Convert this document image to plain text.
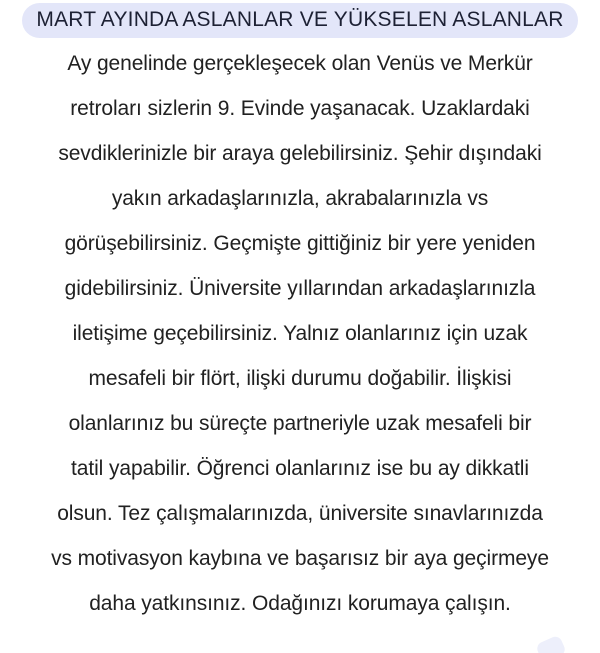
MART AYINDA ASLANLAR VE YÜKSELEN ASLANLAR
Ay genelinde gerçekleşecek olan Venüs ve Merkür
retroları sizlerin 9. Evinde yaşanacak. Uzaklardaki
sevdiklerinizle bir araya gelebilirsiniz. Şehir dışındaki
yakın arkadaşlarınızla, akrabalarınızla vs
görüşebilirsiniz. Geçmişte gittiğiniz bir yere yeniden
gidebilirsiniz. Üniversite yıllarından arkadaşlarınızla
iletişime geçebilirsiniz. Yalnız olanlarınız için uzak
mesafeli bir flört, ilişki durumu doğabilir. İlişkisi
olanlarınız bu süreçte partneriyle uzak mesafeli bir
tatil yapabilir. Öğrenci olanlarınız ise bu ay dikkatli
olsun. Tez çalışmalarınızda, üniversite sınavlarınızda
vs motivasyon kaybına ve başarısız bir aya geçirmeye
daha yatkınsınız. Odağınızı korumaya çalışın.
